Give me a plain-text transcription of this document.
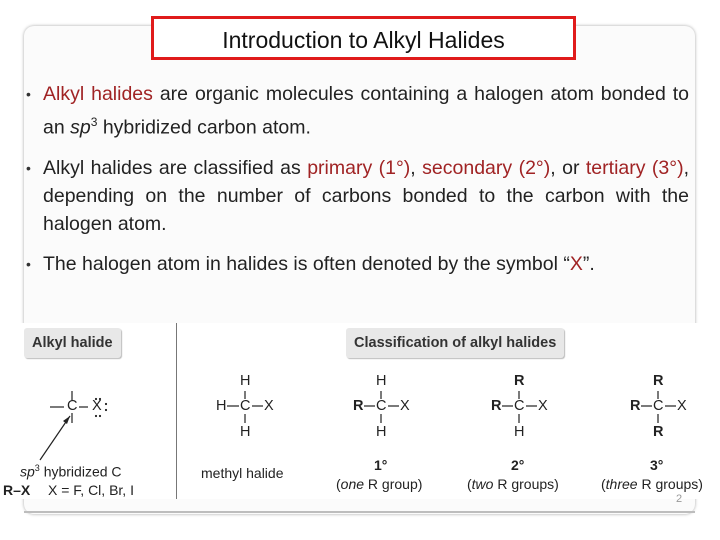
Introduction to Alkyl Halides
• Alkyl halides are organic molecules containing a halogen atom bonded to an $sp^3$ hybridized carbon atom.
• Alkyl halides are classified as primary (1°), secondary (2°), or tertiary (3°), depending on the number of carbons bonded to the carbon with the halogen atom.
• The halogen atom in halides is often denoted by the symbol “X”.
Alkyl halide	Classification of alkyl halides
C X
$sp^3$ hybridized C
R–X X = F, Cl, Br, I
H
H C X
H
methyl halide
H
R C X
H
1°
(one R group)
R
R C X
H
2°
(two R groups)
R
R C X
R
3°
(three R groups)
2
